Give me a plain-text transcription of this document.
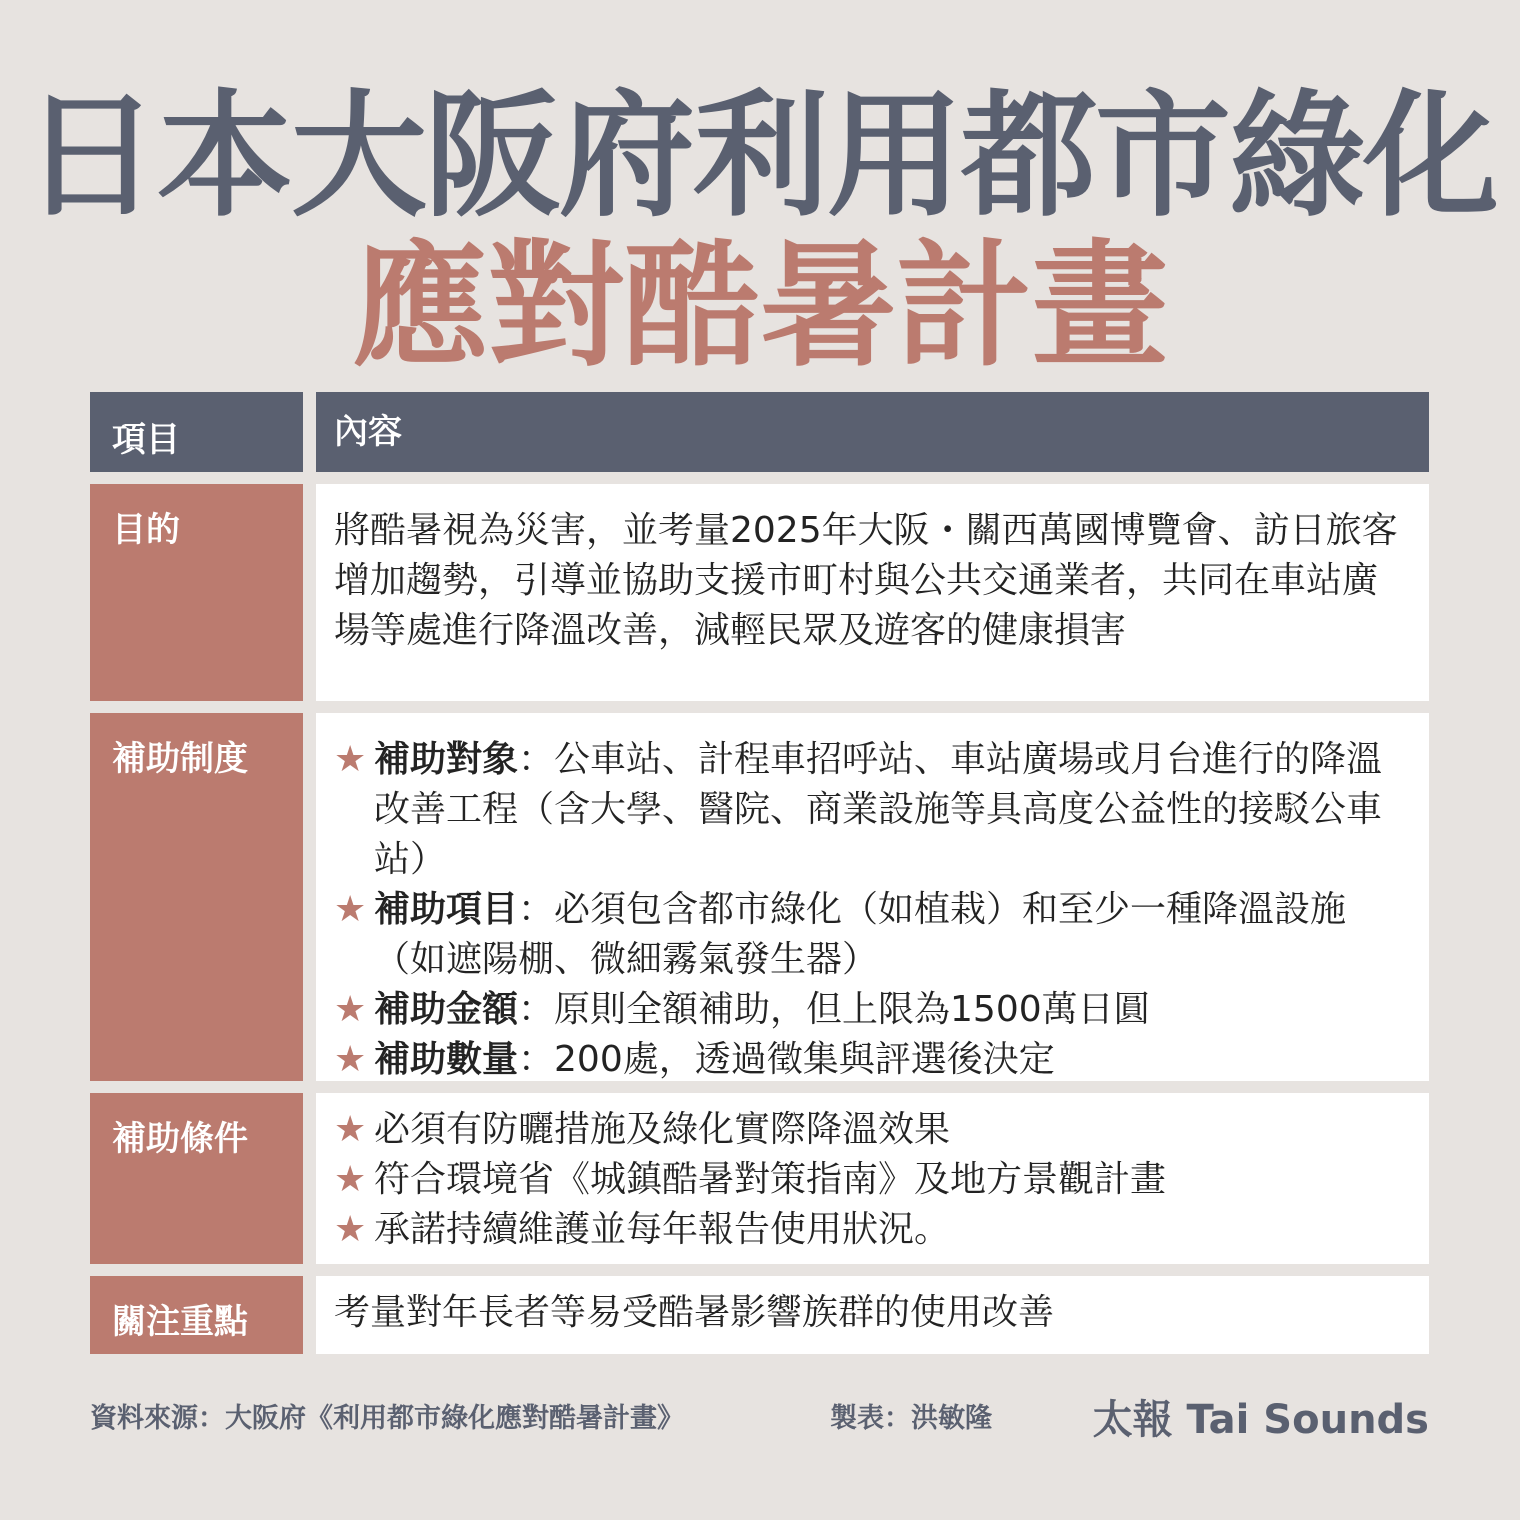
日本大阪府利用都市綠化
應對酷暑計畫
項目	內容
目的	將酷暑視為災害，並考量2025年大阪・關西萬國博覽會、訪日旅客增加趨勢，引導並協助支援市町村與公共交通業者，共同在車站廣場等處進行降溫改善，減輕民眾及遊客的健康損害
補助制度	★ 補助對象：公車站、計程車招呼站、車站廣場或月台進行的降溫改善工程（含大學、醫院、商業設施等具高度公益性的接駁公車站）
★ 補助項目：必須包含都市綠化（如植栽）和至少一種降溫設施（如遮陽棚、微細霧氣發生器）
★ 補助金額：原則全額補助，但上限為1500萬日圓
★ 補助數量：200處，透過徵集與評選後決定
補助條件	★ 必須有防曬措施及綠化實際降溫效果
★ 符合環境省《城鎮酷暑對策指南》及地方景觀計畫
★ 承諾持續維護並每年報告使用狀況。
關注重點	考量對年長者等易受酷暑影響族群的使用改善
資料來源：大阪府《利用都市綠化應對酷暑計畫》	製表：洪敏隆	太報 Tai Sounds
